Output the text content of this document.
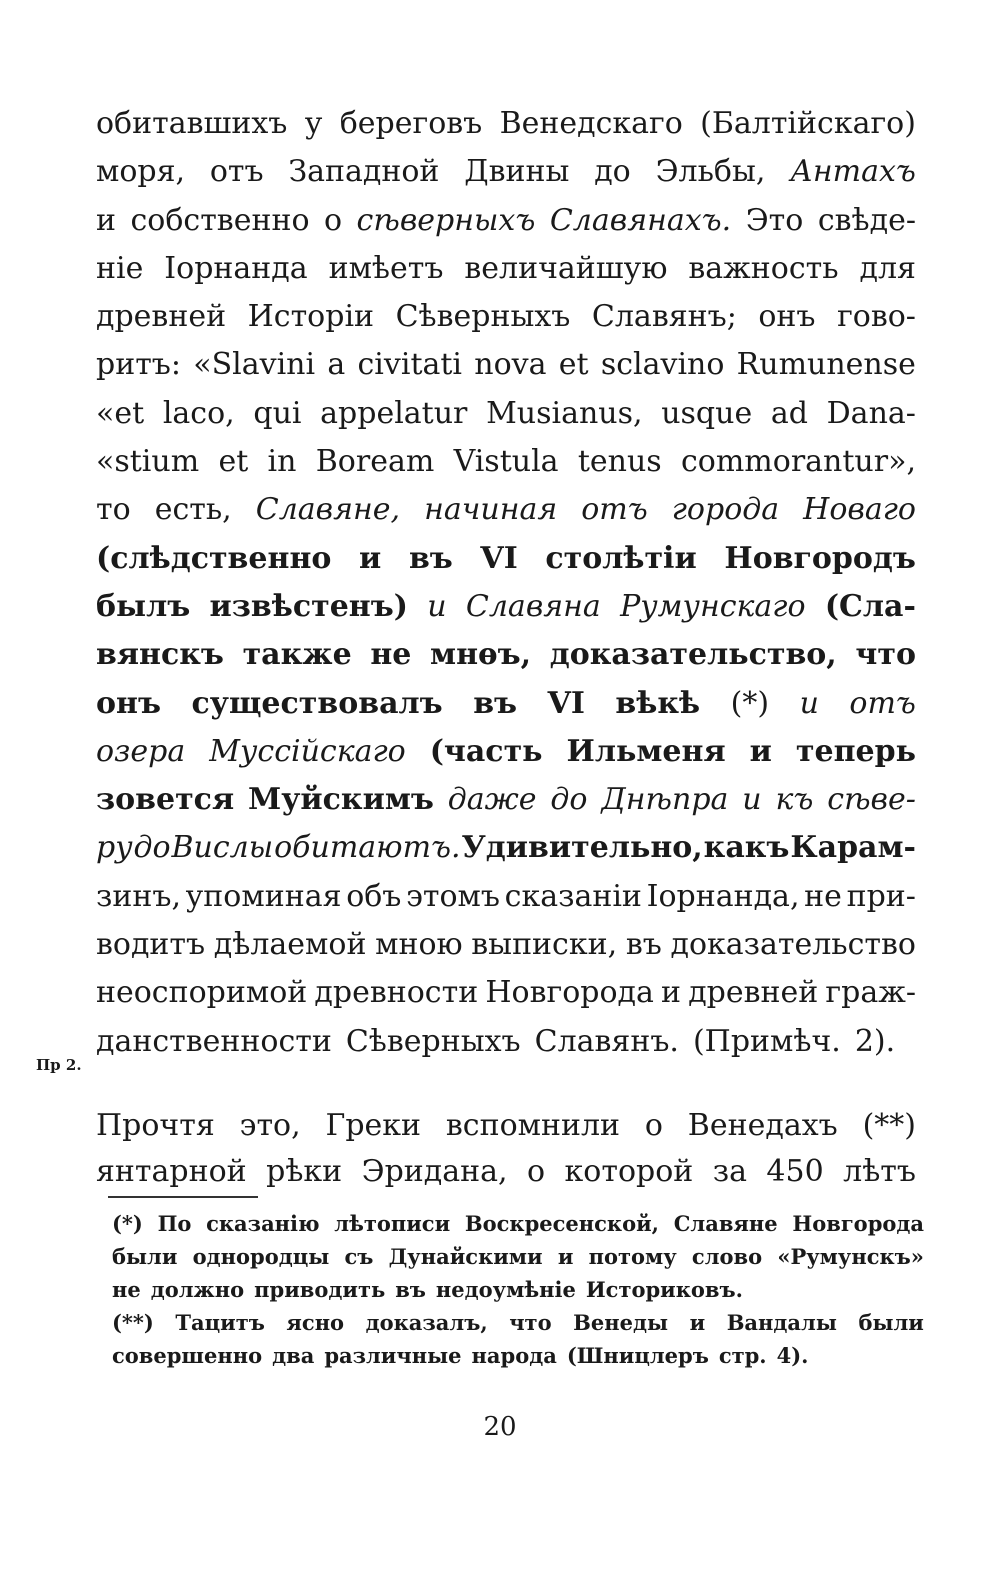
обитавшихъ у береговъ Венедскаго (Балтiйскаго)
моря, отъ Западной Двины до Эльбы, Антахъ
и собственно о сѣверныхъ Славянахъ. Это свѣде-
нiе Iорнанда имѣетъ величайшую важность для
древней Исторiи Сѣверныхъ Славянъ; онъ гово-
ритъ: «Slavini a civitati nova et sclavino Rumunense
«et laco, qui appelatur Musianus, usque ad Dana-
«stium et in Boream Vistula tenus commorantur»,
то есть, Славяне, начиная отъ города Новаго
(слѣдственно и въ VI столѣтiи Новгородъ
былъ извѣстенъ) и Славяна Румунскаго (Сла-
вянскъ также не мнѳъ, доказательство, что
онъ существовалъ въ VI вѣкѣ (*) и отъ
озера Муссiйскаго (часть Ильменя и теперь
зовется Муйскимъ даже до Днѣпра и къ сѣве-
ру до Вислы обитаютъ. Удивительно, какъ Карам-
зинъ, упоминая объ этомъ сказанiи Iорнанда, не при-
водитъ дѣлаемой мною выписки, въ доказательство
неоспоримой древности Новгорода и древней граж-
данственности Сѣверныхъ Славянъ. (Примѣч. 2).
Пр 2.
Прочтя это, Греки вспомнили о Венедахъ (**)
янтарной рѣки Эридана, о которой за 450 лѣтъ
(*) По сказанiю лѣтописи Воскресенской, Славяне Новгорода
были однородцы съ Дунайскими и потому слово «Румунскъ»
не должно приводить въ недоумѣнiе Историковъ.
(**) Тацитъ ясно доказалъ, что Венеды и Вандалы были
совершенно два различные народа (Шницлеръ стр. 4).
20
